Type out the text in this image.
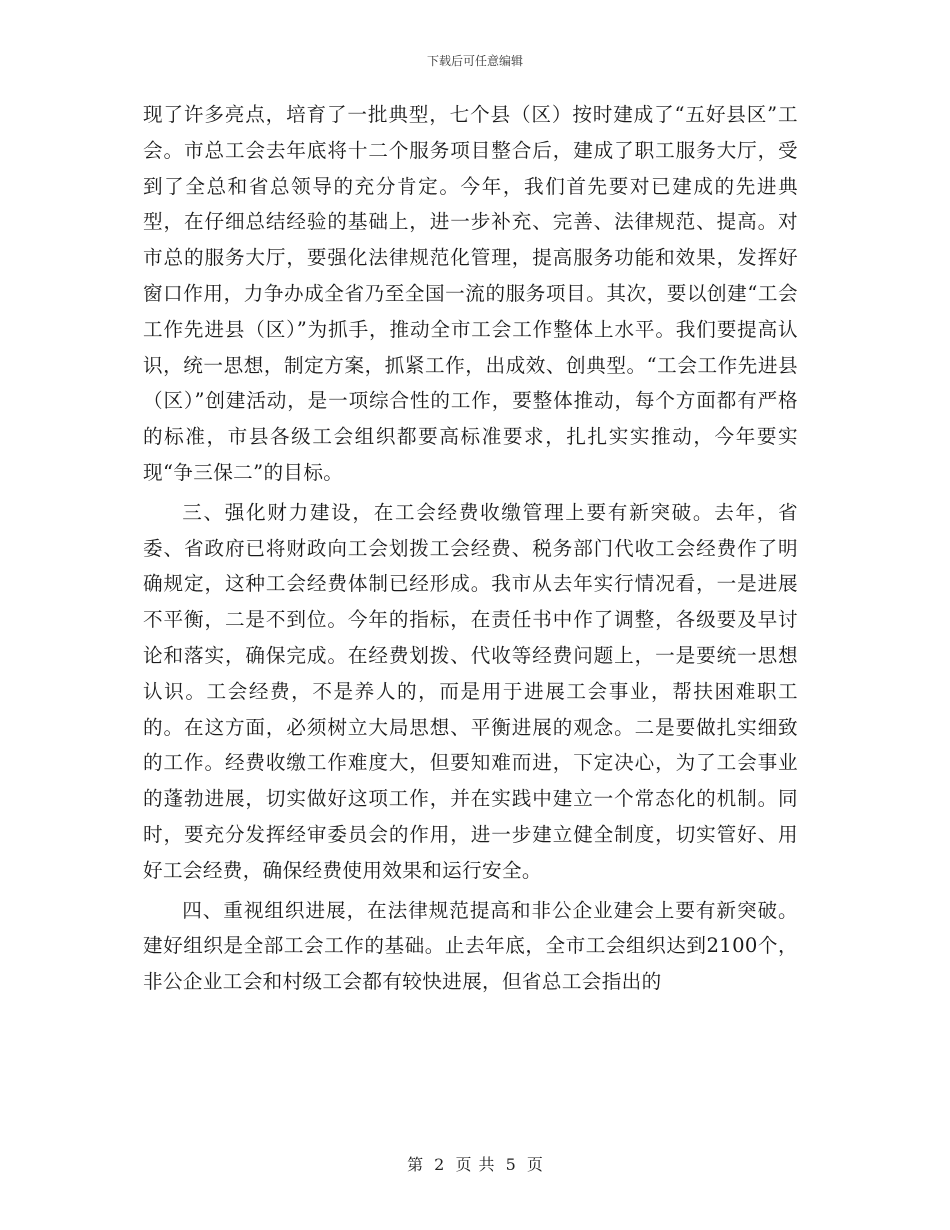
下载后可任意编辑

现了许多亮点，培育了一批典型，七个县（区）按时建成了“五好县区”工会。市总工会去年底将十二个服务项目整合后，建成了职工服务大厅，受到了全总和省总领导的充分肯定。今年，我们首先要对已建成的先进典型，在仔细总结经验的基础上，进一步补充、完善、法律规范、提高。对市总的服务大厅，要强化法律规范化管理，提高服务功能和效果，发挥好窗口作用，力争办成全省乃至全国一流的服务项目。其次，要以创建“工会工作先进县（区）”为抓手，推动全市工会工作整体上水平。我们要提高认识，统一思想，制定方案，抓紧工作，出成效、创典型。“工会工作先进县（区）”创建活动，是一项综合性的工作，要整体推动，每个方面都有严格的标准，市县各级工会组织都要高标准要求，扎扎实实推动，今年要实现“争三保二”的目标。

三、强化财力建设，在工会经费收缴管理上要有新突破。去年，省委、省政府已将财政向工会划拨工会经费、税务部门代收工会经费作了明确规定，这种工会经费体制已经形成。我市从去年实行情况看，一是进展不平衡，二是不到位。今年的指标，在责任书中作了调整，各级要及早讨论和落实，确保完成。在经费划拨、代收等经费问题上，一是要统一思想认识。工会经费，不是养人的，而是用于进展工会事业，帮扶困难职工的。在这方面，必须树立大局思想、平衡进展的观念。二是要做扎实细致的工作。经费收缴工作难度大，但要知难而进，下定决心，为了工会事业的蓬勃进展，切实做好这项工作，并在实践中建立一个常态化的机制。同时，要充分发挥经审委员会的作用，进一步建立健全制度，切实管好、用好工会经费，确保经费使用效果和运行安全。

四、重视组织进展，在法律规范提高和非公企业建会上要有新突破。建好组织是全部工会工作的基础。止去年底，全市工会组织达到2100个，非公企业工会和村级工会都有较快进展，但省总工会指出的

第 2 页 共 5 页
